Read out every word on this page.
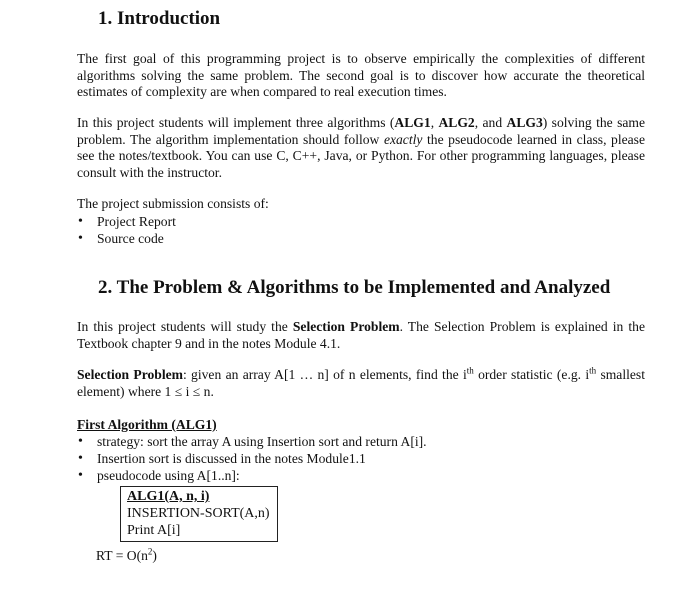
1. Introduction

The first goal of this programming project is to observe empirically the complexities of different algorithms solving the same problem. The second goal is to discover how accurate the theoretical estimates of complexity are when compared to real execution times.

In this project students will implement three algorithms (ALG1, ALG2, and ALG3) solving the same problem. The algorithm implementation should follow exactly the pseudocode learned in class, please see the notes/textbook. You can use C, C++, Java, or Python. For other programming languages, please consult with the instructor.

The project submission consists of:

• Project Report
• Source code
2. The Problem & Algorithms to be Implemented and Analyzed

In this project students will study the Selection Problem. The Selection Problem is explained in the Textbook chapter 9 and in the notes Module 4.1.

Selection Problem: given an array A[1 … n] of n elements, find the $i^{th}$ order statistic (e.g. $i^{th}$ smallest element) where 1 ≤ i ≤ n.

First Algorithm (ALG1)

• strategy: sort the array A using Insertion sort and return A[i].
• Insertion sort is discussed in the notes Module1.1
• pseudocode using A[1..n]:
ALG1(A, n, i)
INSERTION-SORT(A,n)
Print A[i]
RT = $O(n^2)$
